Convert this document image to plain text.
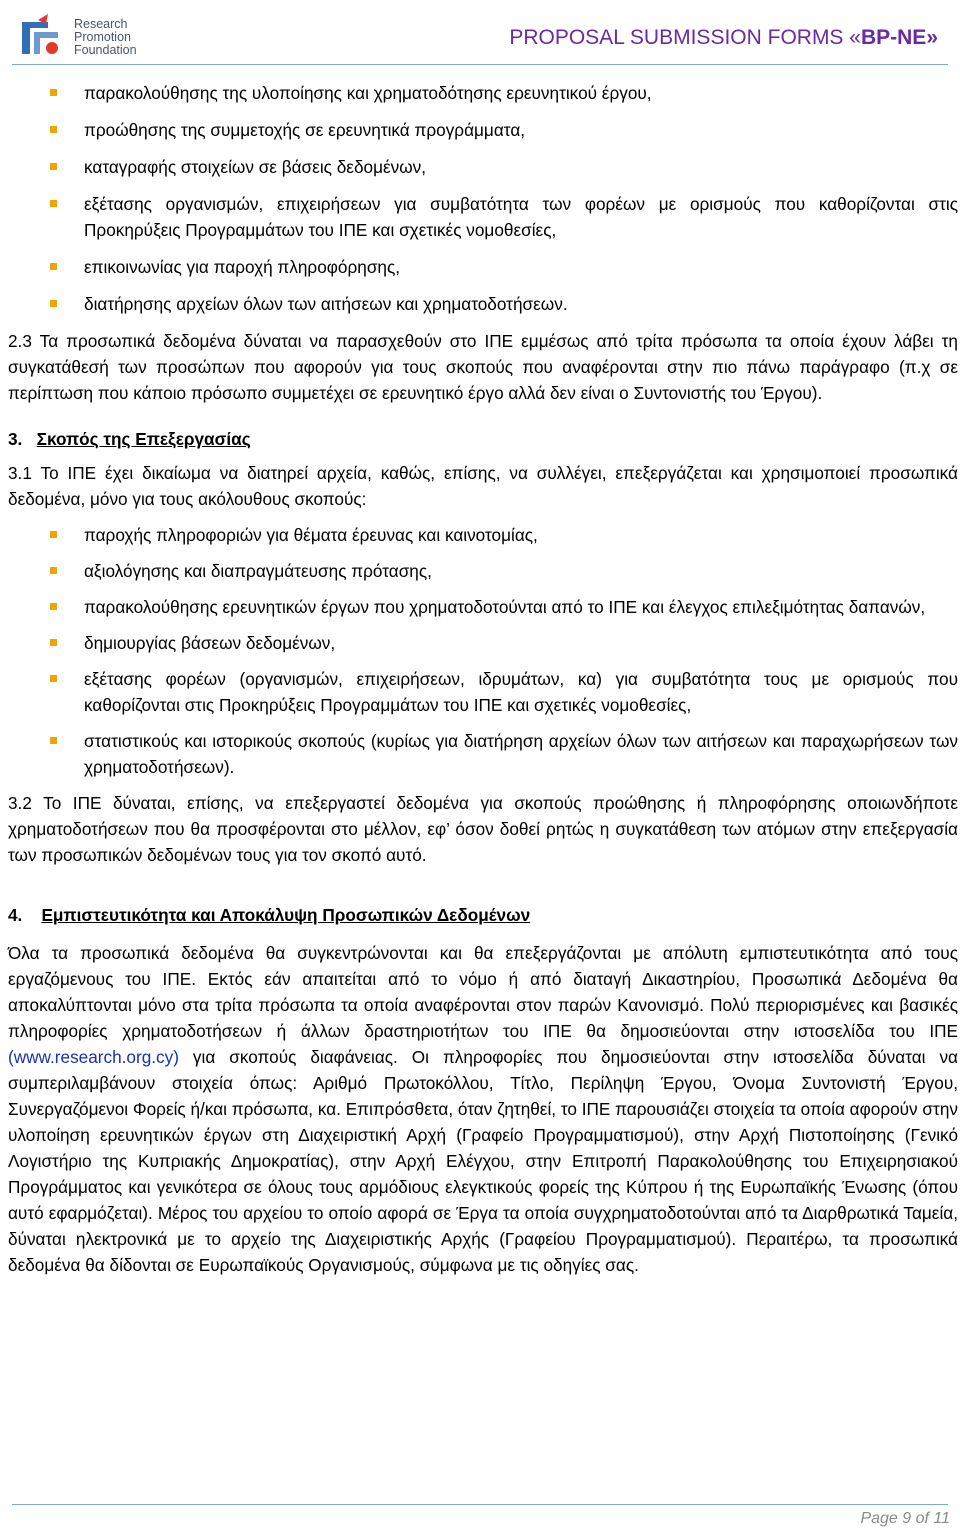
Research
Promotion
Foundation
PROPOSAL SUBMISSION FORMS «BP-NE»
παρακολούθησης της υλοποίησης και χρηματοδότησης ερευνητικού έργου,
προώθησης της συμμετοχής σε ερευνητικά προγράμματα,
καταγραφής στοιχείων σε βάσεις δεδομένων,
εξέτασης οργανισμών, επιχειρήσεων για συμβατότητα των φορέων με ορισμούς που καθορίζονται στις Προκηρύξεις Προγραμμάτων του ΙΠΕ και σχετικές νομοθεσίες,
επικοινωνίας για παροχή πληροφόρησης,
διατήρησης αρχείων όλων των αιτήσεων και χρηματοδοτήσεων.

2.3 Τα προσωπικά δεδομένα δύναται να παρασχεθούν στο ΙΠΕ εμμέσως από τρίτα πρόσωπα τα οποία έχουν λάβει τη συγκατάθεσή των προσώπων που αφορούν για τους σκοπούς που αναφέρονται στην πιο πάνω παράγραφο (π.χ σε περίπτωση που κάποιο πρόσωπο συμμετέχει σε ερευνητικό έργο αλλά δεν είναι ο Συντονιστής του Έργου).

3. Σκοπός της Επεξεργασίας

3.1 Το ΙΠΕ έχει δικαίωμα να διατηρεί αρχεία, καθώς, επίσης, να συλλέγει, επεξεργάζεται και χρησιμοποιεί προσωπικά δεδομένα, μόνο για τους ακόλουθους σκοπούς:

παροχής πληροφοριών για θέματα έρευνας και καινοτομίας,
αξιολόγησης και διαπραγμάτευσης πρότασης,
παρακολούθησης ερευνητικών έργων που χρηματοδοτούνται από το ΙΠΕ και έλεγχος επιλεξιμότητας δαπανών,
δημιουργίας βάσεων δεδομένων,
εξέτασης φορέων (οργανισμών, επιχειρήσεων, ιδρυμάτων, κα) για συμβατότητα τους με ορισμούς που καθορίζονται στις Προκηρύξεις Προγραμμάτων του ΙΠΕ και σχετικές νομοθεσίες,
στατιστικούς και ιστορικούς σκοπούς (κυρίως για διατήρηση αρχείων όλων των αιτήσεων και παραχωρήσεων των χρηματοδοτήσεων).

3.2 Το ΙΠΕ δύναται, επίσης, να επεξεργαστεί δεδομένα για σκοπούς προώθησης ή πληροφόρησης οποιωνδήποτε χρηματοδοτήσεων που θα προσφέρονται στο μέλλον, εφ’ όσον δοθεί ρητώς η συγκατάθεση των ατόμων στην επεξεργασία των προσωπικών δεδομένων τους για τον σκοπό αυτό.

4. Εμπιστευτικότητα και Αποκάλυψη Προσωπικών Δεδομένων

Όλα τα προσωπικά δεδομένα θα συγκεντρώνονται και θα επεξεργάζονται με απόλυτη εμπιστευτικότητα από τους εργαζόμενους του ΙΠΕ. Εκτός εάν απαιτείται από το νόμο ή από διαταγή Δικαστηρίου, Προσωπικά Δεδομένα θα αποκαλύπτονται μόνο στα τρίτα πρόσωπα τα οποία αναφέρονται στον παρών Κανονισμό. Πολύ περιορισμένες και βασικές πληροφορίες χρηματοδοτήσεων ή άλλων δραστηριοτήτων του ΙΠΕ θα δημοσιεύονται στην ιστοσελίδα του ΙΠΕ (www.research.org.cy) για σκοπούς διαφάνειας. Οι πληροφορίες που δημοσιεύονται στην ιστοσελίδα δύναται να συμπεριλαμβάνουν στοιχεία όπως: Αριθμό Πρωτοκόλλου, Τίτλο, Περίληψη Έργου, Όνομα Συντονιστή Έργου, Συνεργαζόμενοι Φορείς ή/και πρόσωπα, κα. Επιπρόσθετα, όταν ζητηθεί, το ΙΠΕ παρουσιάζει στοιχεία τα οποία αφορούν στην υλοποίηση ερευνητικών έργων στη Διαχειριστική Αρχή (Γραφείο Προγραμματισμού), στην Αρχή Πιστοποίησης (Γενικό Λογιστήριο της Κυπριακής Δημοκρατίας), στην Αρχή Ελέγχου, στην Επιτροπή Παρακολούθησης του Επιχειρησιακού Προγράμματος και γενικότερα σε όλους τους αρμόδιους ελεγκτικούς φορείς της Κύπρου ή της Ευρωπαϊκής Ένωσης (όπου αυτό εφαρμόζεται). Μέρος του αρχείου το οποίο αφορά σε Έργα τα οποία συγχρηματοδοτούνται από τα Διαρθρωτικά Ταμεία, δύναται ηλεκτρονικά με το αρχείο της Διαχειριστικής Αρχής (Γραφείου Προγραμματισμού). Περαιτέρω, τα προσωπικά δεδομένα θα δίδονται σε Ευρωπαϊκούς Οργανισμούς, σύμφωνα με τις οδηγίες σας.

Page 9 of 11
